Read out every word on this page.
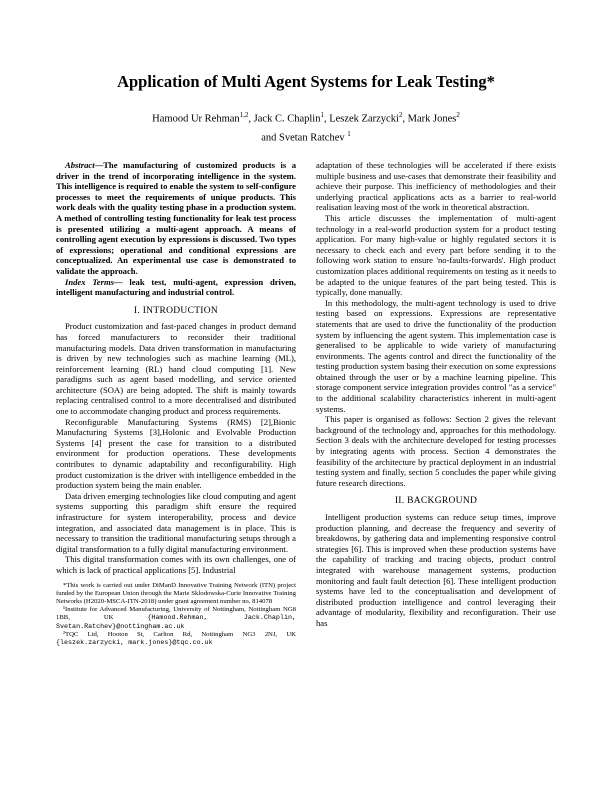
Application of Multi Agent Systems for Leak Testing*
Hamood Ur Rehman$^{1,2}$, Jack C. Chaplin$^1$, Leszek Zarzycki$^2$, Mark Jones$^2$
and Svetan Ratchev $^1$

Abstract—The manufacturing of customized products is a driver in the trend of incorporating intelligence in the system. This intelligence is required to enable the system to self-configure processes to meet the requirements of unique products. This work deals with the quality testing phase in a production system. A method of controlling testing functionality for leak test process is presented utilizing a multi-agent approach. A means of controlling agent execution by expressions is discussed. Two types of expressions; operational and conditional expressions are conceptualized. An experimental use case is demonstrated to validate the approach.

Index Terms— leak test, multi-agent, expression driven, intelligent manufacturing and industrial control.

I. INTRODUCTION

Product customization and fast-paced changes in product demand has forced manufacturers to reconsider their traditional manufacturing models. Data driven transformation in manufacturing is driven by new technologies such as machine learning (ML), reinforcement learning (RL) hand cloud computing [1]. New paradigms such as agent based modelling, and service oriented architecture (SOA) are being adopted. The shift is mainly towards replacing centralised control to a more decentralised and distributed one to accommodate changing product and process requirements.

Reconfigurable Manufacturing Systems (RMS) [2],Bionic Manufacturing Systems [3],Holonic and Evolvable Production Systems [4] present the case for transition to a distributed environment for production operations. These developments contributes to dynamic adaptability and reconfigurability. High product customization is the driver with intelligence embedded in the production system being the main enabler.

Data driven emerging technologies like cloud computing and agent systems supporting this paradigm shift ensure the required infrastructure for system interoperability, process and device integration, and associated data management is in place. This is necessary to transition the traditional manufacturing setups through a digital transformation to a fully digital manufacturing environment.

This digital transformation comes with its own challenges, one of which is lack of practical applications [5]. Industrial

*This work is carried out under DiManD Innovative Training Network (ITN) project funded by the European Union through the Marie Sklodowska-Curie Innovative Training Networks (H2020-MSCA-ITN-2018) under grant agreement number no. 814078

¹Institute for Advanced Manufacturing, University of Nottingham, Nottingham NG8 1BB, UK	{Hamood.Rehman, Jack.Chaplin, Svetan.Ratchev}@nottingham.ac.uk

²TQC Ltd, Hooton St, Carlton Rd, Nottingham NG3 2NJ, UK {leszek.zarzycki, mark.jones}@tqc.co.uk

adaptation of these technologies will be accelerated if there exists multiple business and use-cases that demonstrate their feasibility and achieve their purpose. This inefficiency of methodologies and their underlying practical applications acts as a barrier to real-world realisation leaving most of the work in theoretical abstraction.

This article discusses the implementation of multi-agent technology in a real-world production system for a product testing application. For many high-value or highly regulated sectors it is necessary to check each and every part before sending it to the following work station to ensure 'no-faults-forwards'. High product customization places additional requirements on testing as it needs to be adapted to the unique features of the part being tested. This is typically, done manually.

In this methodology, the multi-agent technology is used to drive testing based on expressions. Expressions are representative statements that are used to drive the functionality of the production system by influencing the agent system. This implementation case is generalised to be applicable to wide variety of manufacturing environments. The agents control and direct the functionality of the testing production system basing their execution on some expressions obtained through the user or by a machine learning pipeline. This storage component service integration provides control "as a service" to the additional scalability characteristics inherent in multi-agent systems.

This paper is organised as follows: Section 2 gives the relevant background of the technology and, approaches for this methodology. Section 3 deals with the architecture developed for testing processes by integrating agents with process. Section 4 demonstrates the feasibility of the architecture by practical deployment in an industrial testing system and finally, section 5 concludes the paper while giving future research directions.

II. BACKGROUND

Intelligent production systems can reduce setup times, improve production planning, and decrease the frequency and severity of breakdowns, by gathering data and implementing responsive control strategies [6]. This is improved when these production systems have the capability of tracking and tracing objects, product control integrated with warehouse management systems, production monitoring and fault fault detection [6]. These intelligent production systems have led to the conceptualisation and development of distributed production intelligence and control leveraging their advantage of modularity, flexibility and reconfiguration. Their use has
